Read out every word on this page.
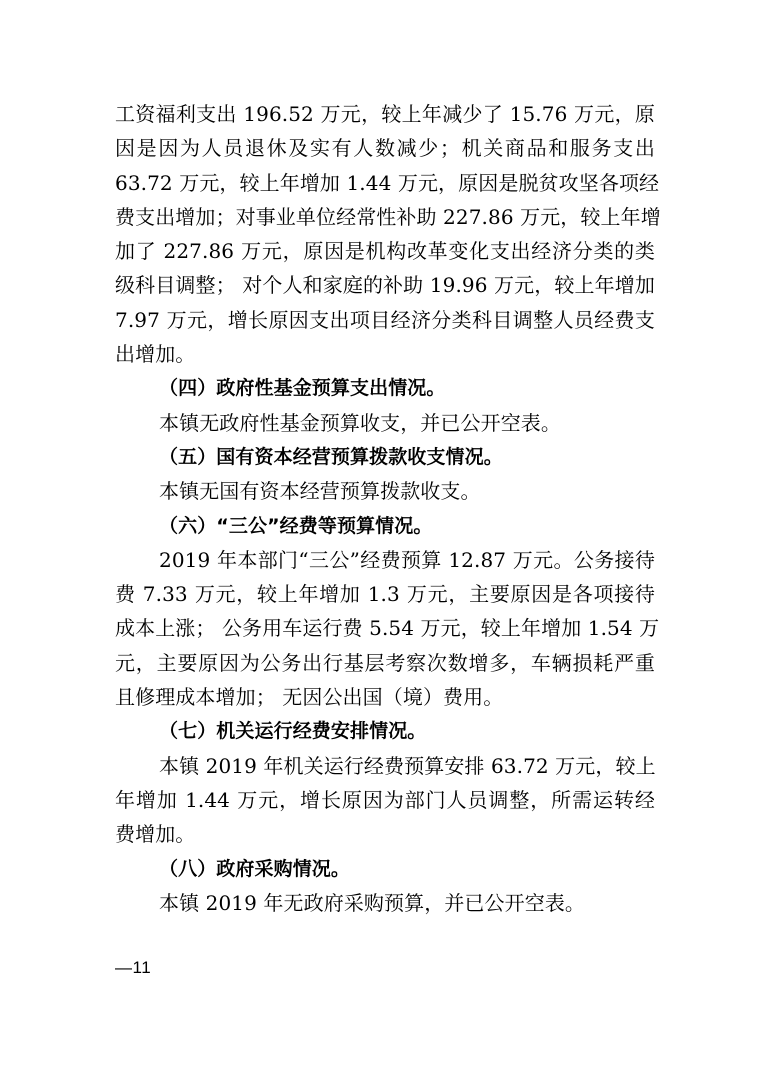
工资福利支出 196.52 万元，较上年减少了 15.76 万元，原
因是因为人员退休及实有人数减少；机关商品和服务支出
63.72 万元，较上年增加 1.44 万元，原因是脱贫攻坚各项经
费支出增加；对事业单位经常性补助 227.86 万元，较上年增
加了 227.86 万元，原因是机构改革变化支出经济分类的类
级科目调整； 对个人和家庭的补助 19.96 万元，较上年增加
7.97 万元，增长原因支出项目经济分类科目调整人员经费支
出增加。
（四）政府性基金预算支出情况。
本镇无政府性基金预算收支，并已公开空表。
（五）国有资本经营预算拨款收支情况。
本镇无国有资本经营预算拨款收支。
（六）“三公”经费等预算情况。
2019 年本部门“三公”经费预算 12.87 万元。公务接待
费 7.33 万元，较上年增加 1.3 万元，主要原因是各项接待
成本上涨； 公务用车运行费 5.54 万元，较上年增加 1.54 万
元，主要原因为公务出行基层考察次数增多，车辆损耗严重
且修理成本增加； 无因公出国（境）费用。
（七）机关运行经费安排情况。
本镇 2019 年机关运行经费预算安排 63.72 万元，较上
年增加 1.44 万元，增长原因为部门人员调整，所需运转经
费增加。
（八）政府采购情况。
本镇 2019 年无政府采购预算，并已公开空表。
—11
